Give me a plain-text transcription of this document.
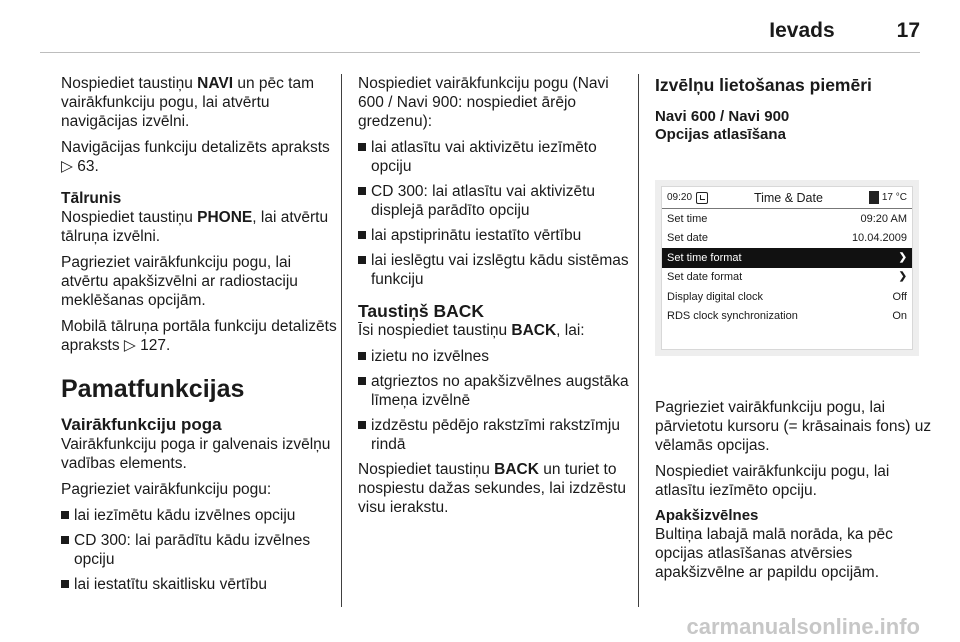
Ievads	17

Nospiediet taustiņu NAVI un pēc tam vairākfunkciju pogu, lai atvērtu navigācijas izvēlni.

Navigācijas funkciju detalizēts apraksts ▷ 63.

Tālrunis

Nospiediet taustiņu PHONE, lai atvērtu tālruņa izvēlni.

Pagrieziet vairākfunkciju pogu, lai atvērtu apakšizvēlni ar radiostaciju meklēšanas opcijām.

Mobilā tālruņa portāla funkciju detalizēts apraksts ▷ 127.

Pamatfunkcijas
Vairākfunkciju poga

Vairākfunkciju poga ir galvenais izvēlņu vadības elements.

Pagrieziet vairākfunkciju pogu:

lai iezīmētu kādu izvēlnes opciju
CD 300: lai parādītu kādu izvēlnes opciju
lai iestatītu skaitlisku vērtību

Nospiediet vairākfunkciju pogu (Navi 600 / Navi 900: nospiediet ārējo gredzenu):

lai atlasītu vai aktivizētu iezīmēto opciju
CD 300: lai atlasītu vai aktivizētu displejā parādīto opciju
lai apstiprinātu iestatīto vērtību
lai ieslēgtu vai izslēgtu kādu sistēmas funkciju
Taustiņš BACK

Īsi nospiediet taustiņu BACK, lai:

izietu no izvēlnes
atgrieztos no apakšizvēlnes augstāka līmeņa izvēlnē
izdzēstu pēdējo rakstzīmi rakstzīmju rindā

Nospiediet taustiņu BACK un turiet to nospiestu dažas sekundes, lai izdzēstu visu ierakstu.

Izvēlņu lietošanas piemēri
Navi 600 / Navi 900
Opcijas atlasīšana
09:20	Time & Date	17 °C
Set time	09:20 AM
Set date	10.04.2009
Set time format	❯
Set date format	❯
Display digital clock	Off
RDS clock synchronization	On

Pagrieziet vairākfunkciju pogu, lai pārvietotu kursoru (= krāsainais fons) uz vēlamās opcijas.

Nospiediet vairākfunkciju pogu, lai atlasītu iezīmēto opciju.

Apakšizvēlnes

Bultiņa labajā malā norāda, ka pēc opcijas atlasīšanas atvērsies apakšizvēlne ar papildu opcijām.

carmanualsonline.info
